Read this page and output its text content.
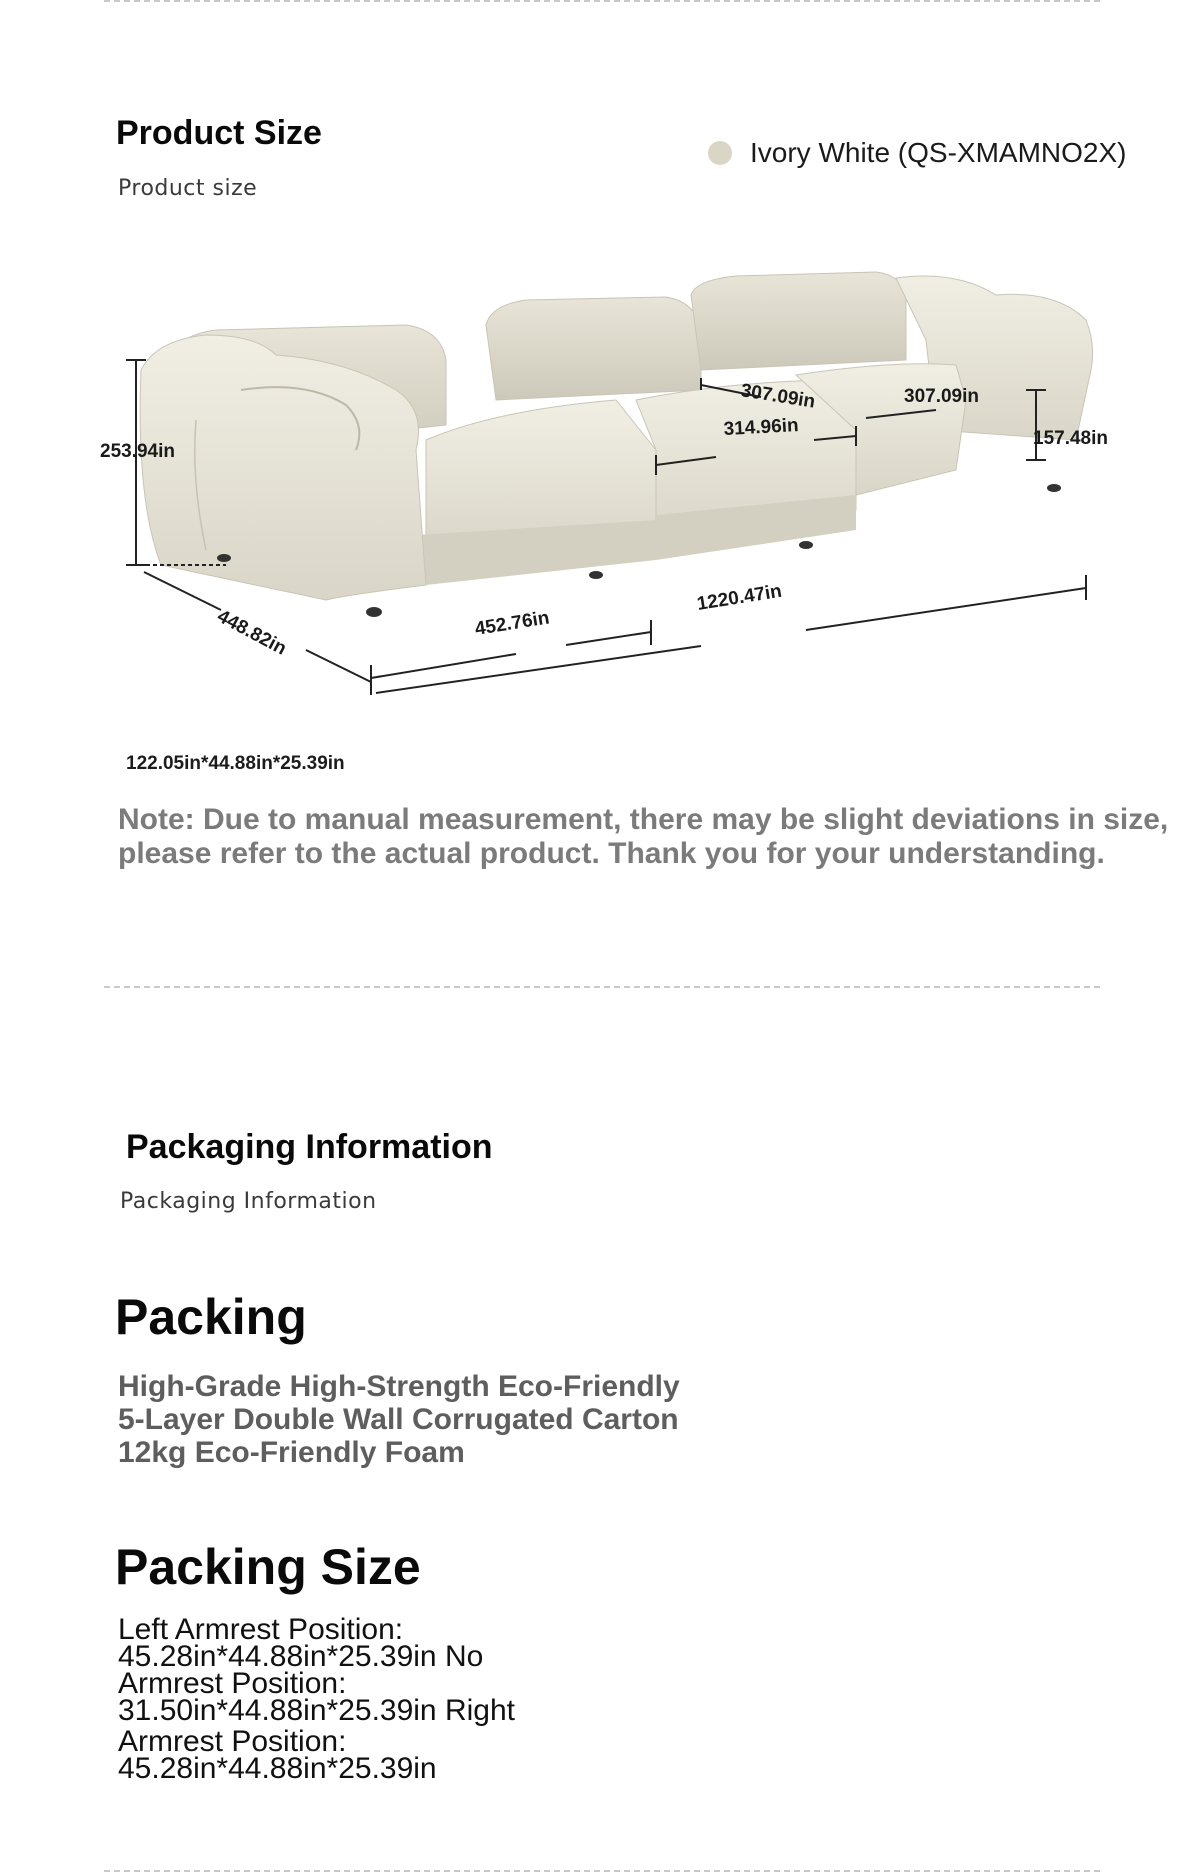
Product Size
Product size
Ivory White (QS-XMAMNO2X)
253.94in
448.82in	452.76in
1220.47in
307.09in	307.09in
314.96in	157.48in
122.05in*44.88in*25.39in
Note: Due to manual measurement, there may be slight deviations in size, please refer to the actual product. Thank you for your understanding.
Packaging Information
Packaging Information
Packing
High-Grade High-Strength Eco-Friendly
5-Layer Double Wall Corrugated Carton
12kg Eco-Friendly Foam
Packing Size
Left Armrest Position:
45.28in*44.88in*25.39in No
Armrest Position:
31.50in*44.88in*25.39in Right
Armrest Position:
45.28in*44.88in*25.39in
